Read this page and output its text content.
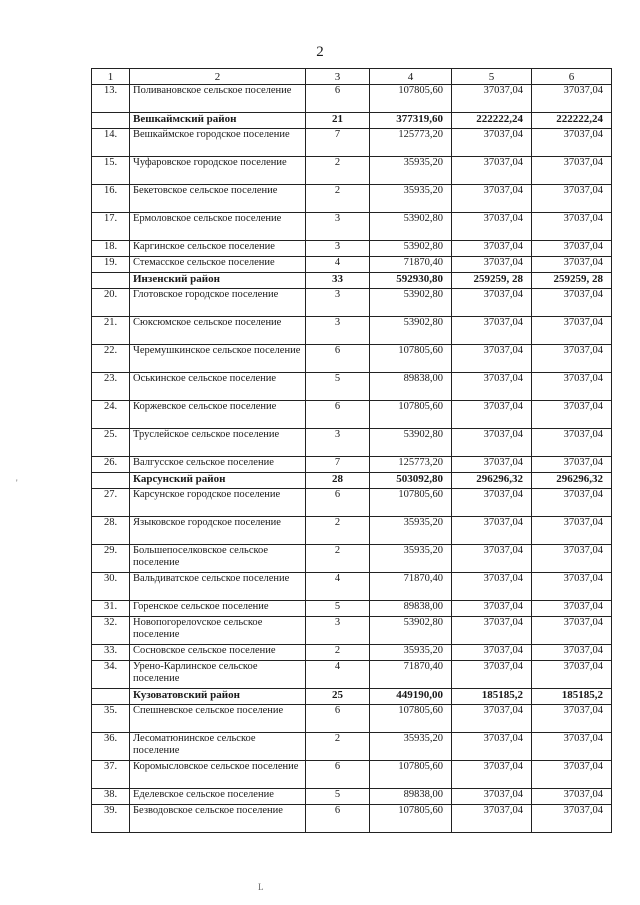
2
1	2	3	4	5	6
13.	Поливановское сельское поселение	6	107805,60	37037,04	37037,04
	Вешкаймский район	21	377319,60	222222,24	222222,24
14.	Вешкаймское городское поселение	7	125773,20	37037,04	37037,04
15.	Чуфаровское городское поселение	2	35935,20	37037,04	37037,04
16.	Бекетовское сельское поселение	2	35935,20	37037,04	37037,04
17.	Ермоловское сельское поселение	3	53902,80	37037,04	37037,04
18.	Каргинское сельское поселение	3	53902,80	37037,04	37037,04
19.	Стемасское сельское поселение	4	71870,40	37037,04	37037,04
	Инзенский район	33	592930,80	259259, 28	259259, 28
20.	Глотовское городское поселение	3	53902,80	37037,04	37037,04
21.	Сюксюмское сельское поселение	3	53902,80	37037,04	37037,04
22.	Черемушкинское сельское поселение	6	107805,60	37037,04	37037,04
23.	Оськинское сельское поселение	5	89838,00	37037,04	37037,04
24.	Коржевское сельское поселение	6	107805,60	37037,04	37037,04
25.	Труслейское сельское поселение	3	53902,80	37037,04	37037,04
26.	Валгусское сельское поселение	7	125773,20	37037,04	37037,04
	Карсунский район	28	503092,80	296296,32	296296,32
27.	Карсунское городское поселение	6	107805,60	37037,04	37037,04
28.	Языковское городское поселение	2	35935,20	37037,04	37037,04
29.	Большепоселковское сельское поселение	2	35935,20	37037,04	37037,04
30.	Вальдиватское сельское поселение	4	71870,40	37037,04	37037,04
31.	Горенское сельское поселение	5	89838,00	37037,04	37037,04
32.	Новопогорелovское сельское поселение	3	53902,80	37037,04	37037,04
33.	Сосновское сельское поселение	2	35935,20	37037,04	37037,04
34.	Урено-Карлинское сельское поселение	4	71870,40	37037,04	37037,04
	Кузоватовский район	25	449190,00	185185,2	185185,2
35.	Спешневское сельское поселение	6	107805,60	37037,04	37037,04
36.	Лесоматюнинское сельское поселение	2	35935,20	37037,04	37037,04
37.	Коромысловское сельское поселение	6	107805,60	37037,04	37037,04
38.	Еделевское сельское поселение	5	89838,00	37037,04	37037,04
39.	Безводовское сельское поселение	6	107805,60	37037,04	37037,04
'
L
